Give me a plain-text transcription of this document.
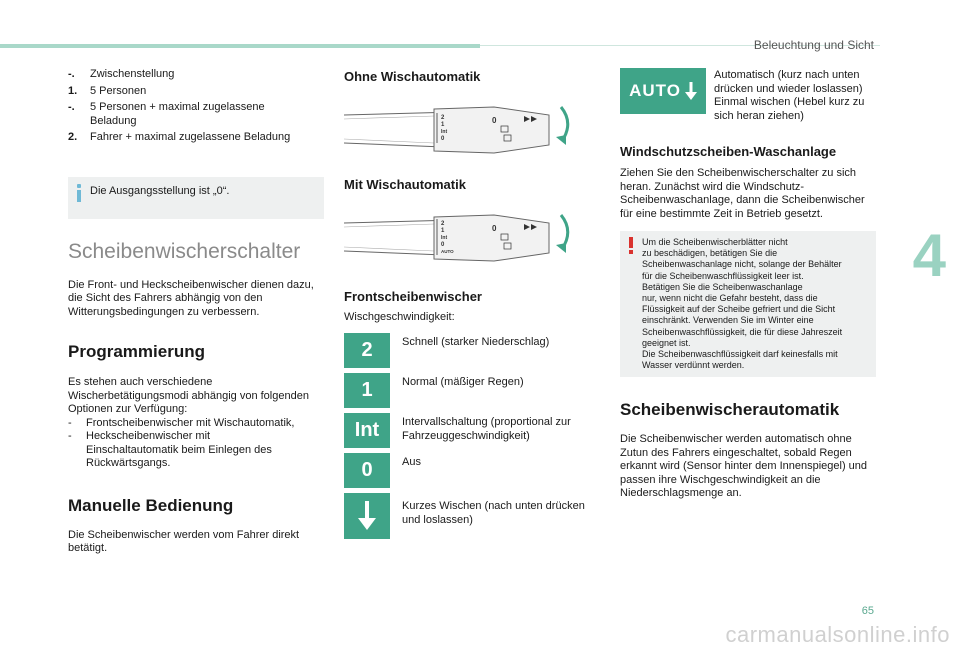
Beleuchtung und Sicht
4
65
carmanualsonline.info
-.	Zwischenstellung
1.	5 Personen
-.	5 Personen + maximal zugelassene Beladung
2.	Fahrer + maximal zugelassene Beladung
Die Ausgangsstellung ist „0“.
Scheibenwischerschalter
Die Front- und Heckscheibenwischer dienen dazu, die Sicht des Fahrers abhängig von den Witterungsbedingungen zu verbessern.
Programmierung
Es stehen auch verschiedene Wischerbetätigungsmodi abhängig von folgenden Optionen zur Verfügung:
-	Frontscheibenwischer mit Wischautomatik,
-	Heckscheibenwischer mit Einschaltautomatik beim Einlegen des Rückwärtsgangs.
Manuelle Bedienung
Die Scheibenwischer werden vom Fahrer direkt betätigt.
Ohne Wischautomatik
2
1
Int
0
0
Mit Wischautomatik
2
1
Int
0
AUTO
0
Frontscheibenwischer
Wischgeschwindigkeit:
2	Schnell (starker Niederschlag)
1	Normal (mäßiger Regen)
Int	Intervallschaltung (proportional zur Fahrzeuggeschwindigkeit)
0	Aus
Kurzes Wischen (nach unten drücken und loslassen)
AUTO
Automatisch (kurz nach unten drücken und wieder loslassen) Einmal wischen (Hebel kurz zu sich heran ziehen)
Windschutzscheiben-Waschanlage
Ziehen Sie den Scheibenwischerschalter zu sich heran. Zunächst wird die Windschutz-Scheibenwaschanlage, dann die Scheibenwischer für eine bestimmte Zeit in Betrieb gesetzt.
Um die Scheibenwischerblätter nicht
zu beschädigen, betätigen Sie die
Scheibenwaschanlage nicht, solange der Behälter
für die Scheibenwaschflüssigkeit leer ist.
Betätigen Sie die Scheibenwaschanlage
nur, wenn nicht die Gefahr besteht, dass die
Flüssigkeit auf der Scheibe gefriert und die Sicht
einschränkt. Verwenden Sie im Winter eine
Scheibenwaschflüssigkeit, die für diese Jahreszeit
geeignet ist.
Die Scheibenwaschflüssigkeit darf keinesfalls mit
Wasser verdünnt werden.
Scheibenwischerautomatik
Die Scheibenwischer werden automatisch ohne Zutun des Fahrers eingeschaltet, sobald Regen erkannt wird (Sensor hinter dem Innenspiegel) und passen ihre Wischgeschwindigkeit an die Niederschlagsmenge an.
